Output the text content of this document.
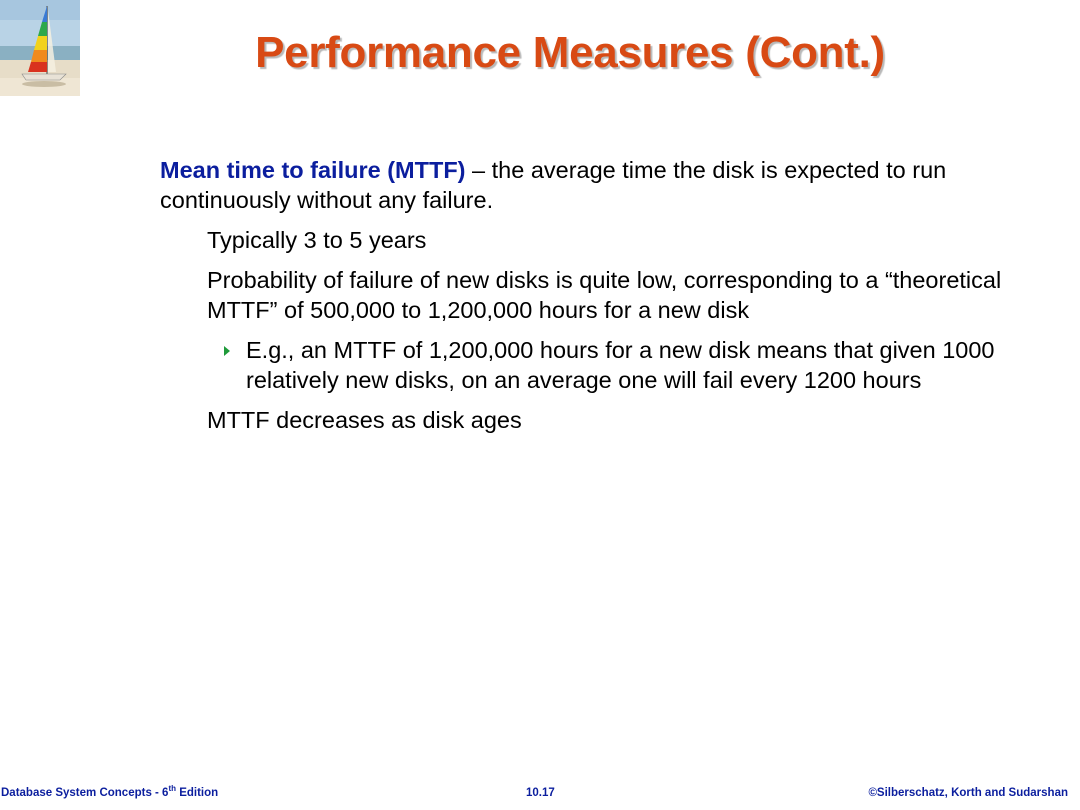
Performance Measures (Cont.)

Mean time to failure (MTTF) – the average time the disk is expected to run continuously without any failure.

Typically 3 to 5 years

Probability of failure of new disks is quite low, corresponding to a “theoretical MTTF” of 500,000 to 1,200,000 hours for a new disk

E.g., an MTTF of 1,200,000 hours for a new disk means that given 1000 relatively new disks, on an average one will fail every 1200 hours

MTTF decreases as disk ages

Database System Concepts - 6th Edition	10.17	©Silberschatz, Korth and Sudarshan
